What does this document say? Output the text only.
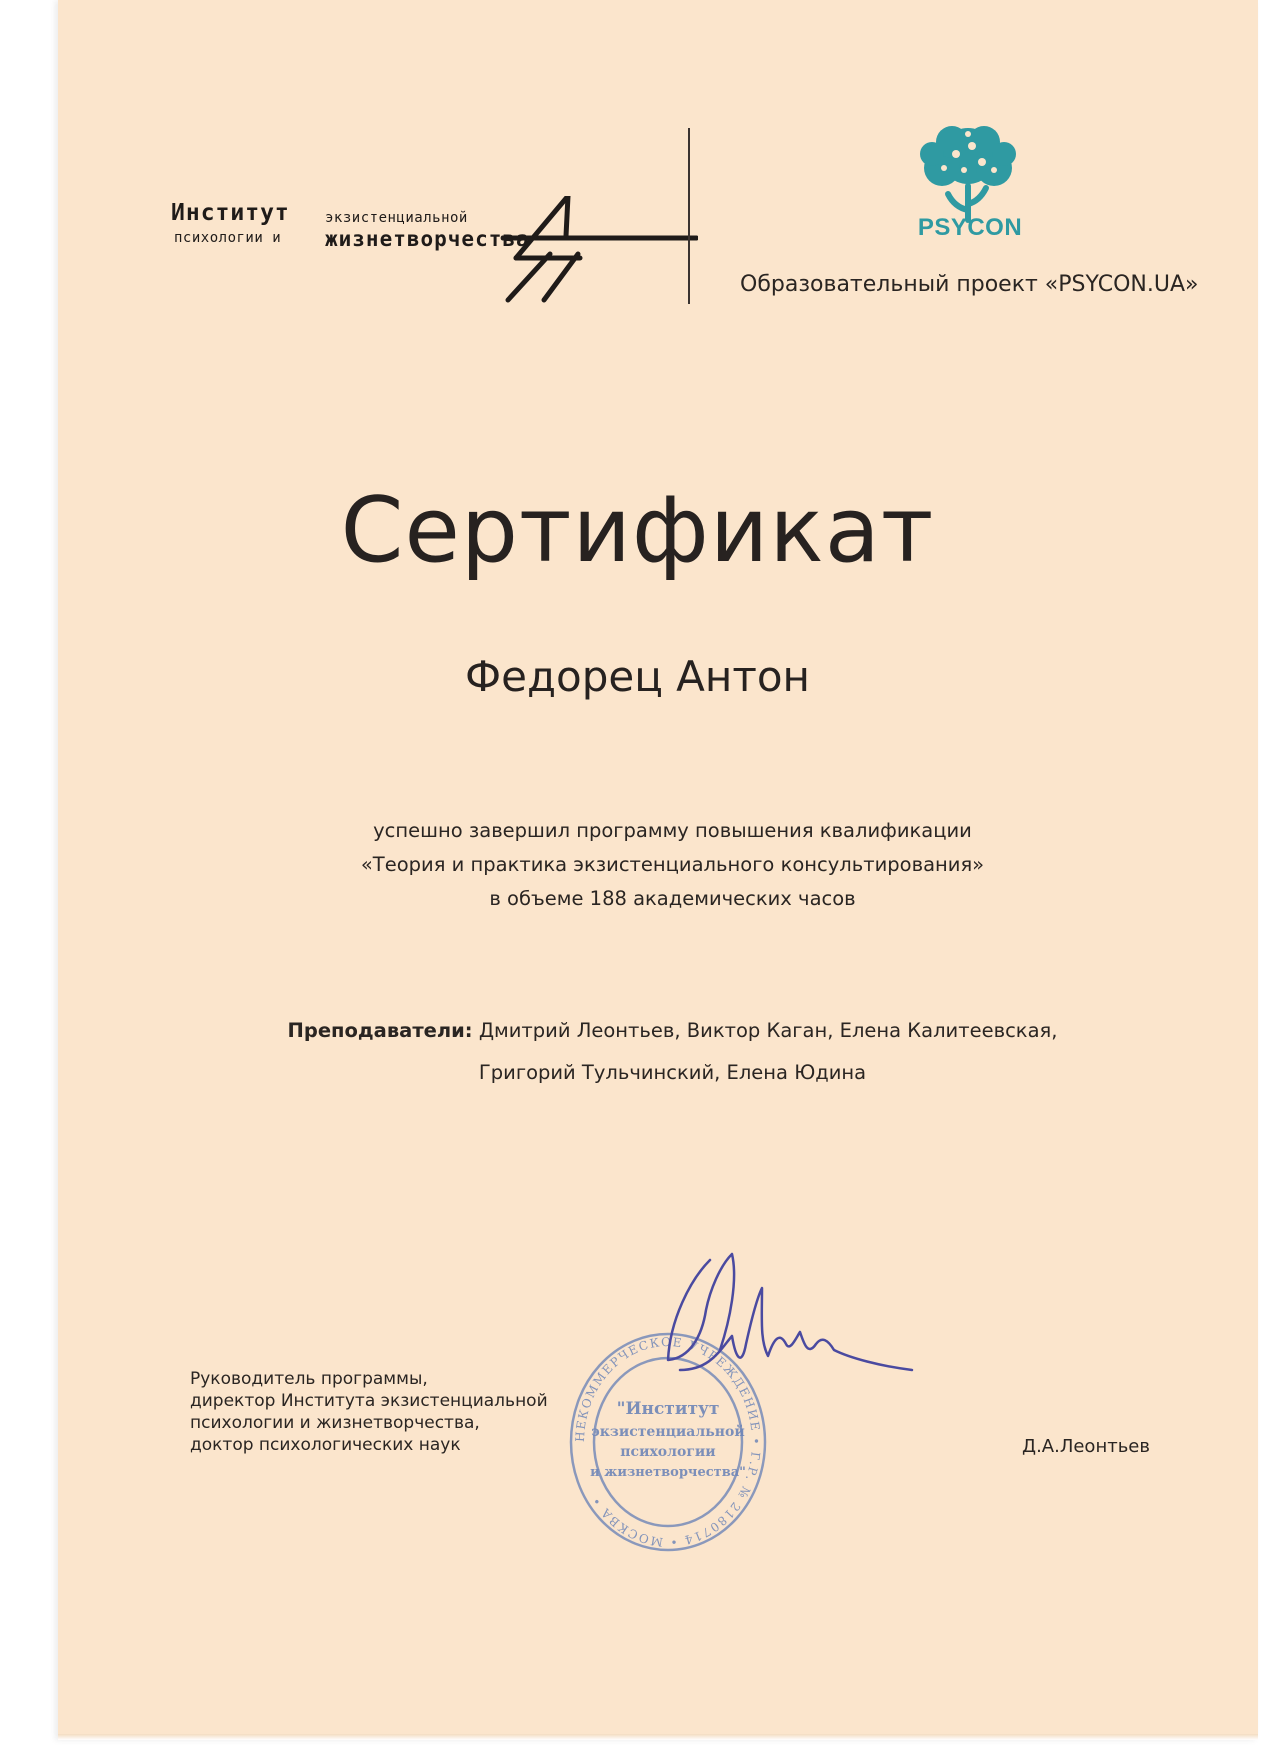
Институт
психологии и
экзистенциальной
жизнетворчества	PSYCON
Образовательный проект «PSYCON.UA»
Сертификат
Федорец Антон
успешно завершил программу повышения квалификации
«Теория и практика экзистенциального консультирования»
в объеме 188 академических часов
Преподаватели: Дмитрий Леонтьев, Виктор Каган, Елена Калитеевская,
Григорий Тульчинский, Елена Юдина
Руководитель программы,
директор Института экзистенциальной
психологии и жизнетворчества,
доктор психологических наук	НЕКОММЕРЧЕСКОЕ УЧРЕЖДЕНИЕ • Г.Р. № 2180714 • МОСКВА •
"Институт
экзистенциальной
психологии
и жизнетворчества"
Д.А.Леонтьев
